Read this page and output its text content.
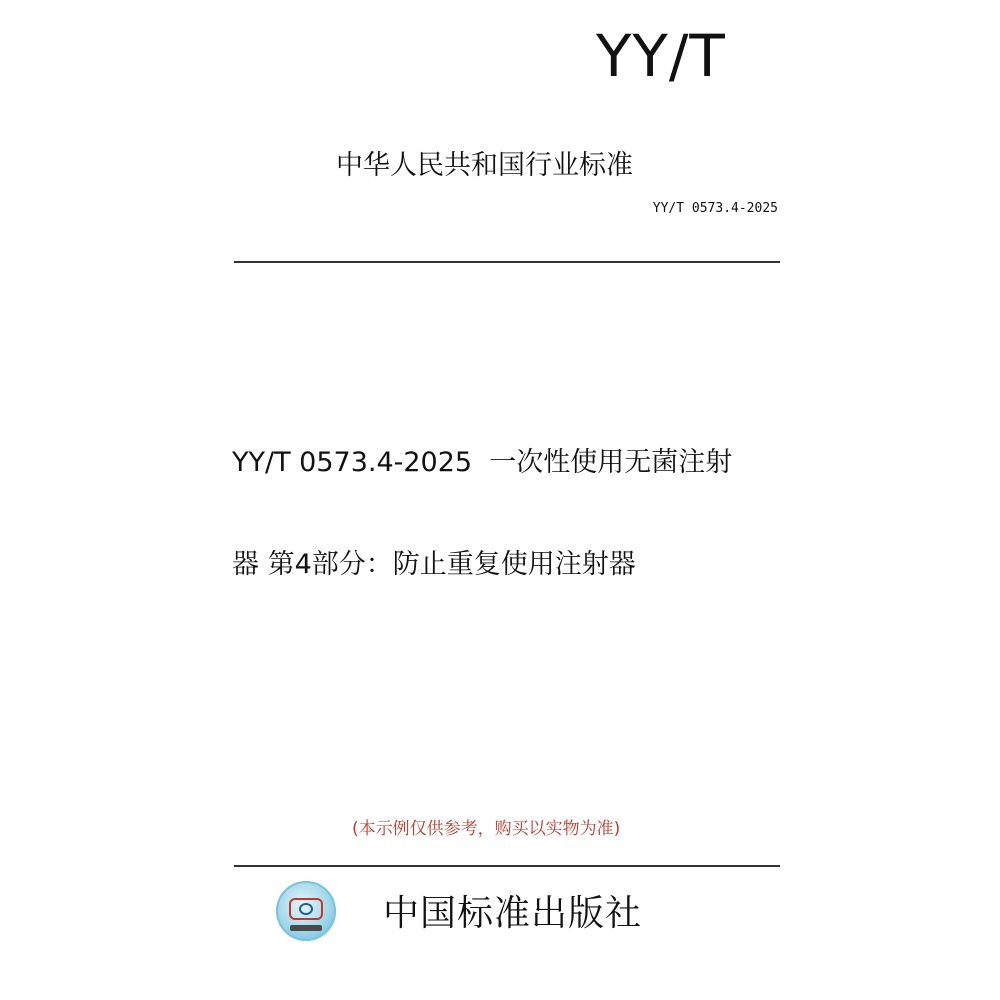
YY/T
中华人民共和国行业标准
YY/T 0573.4-2025

YY/T 0573.4-2025  一次性使用无菌注射

器 第4部分：防止重复使用注射器

(本示例仅供参考，购买以实物为准)
中国标准出版社
